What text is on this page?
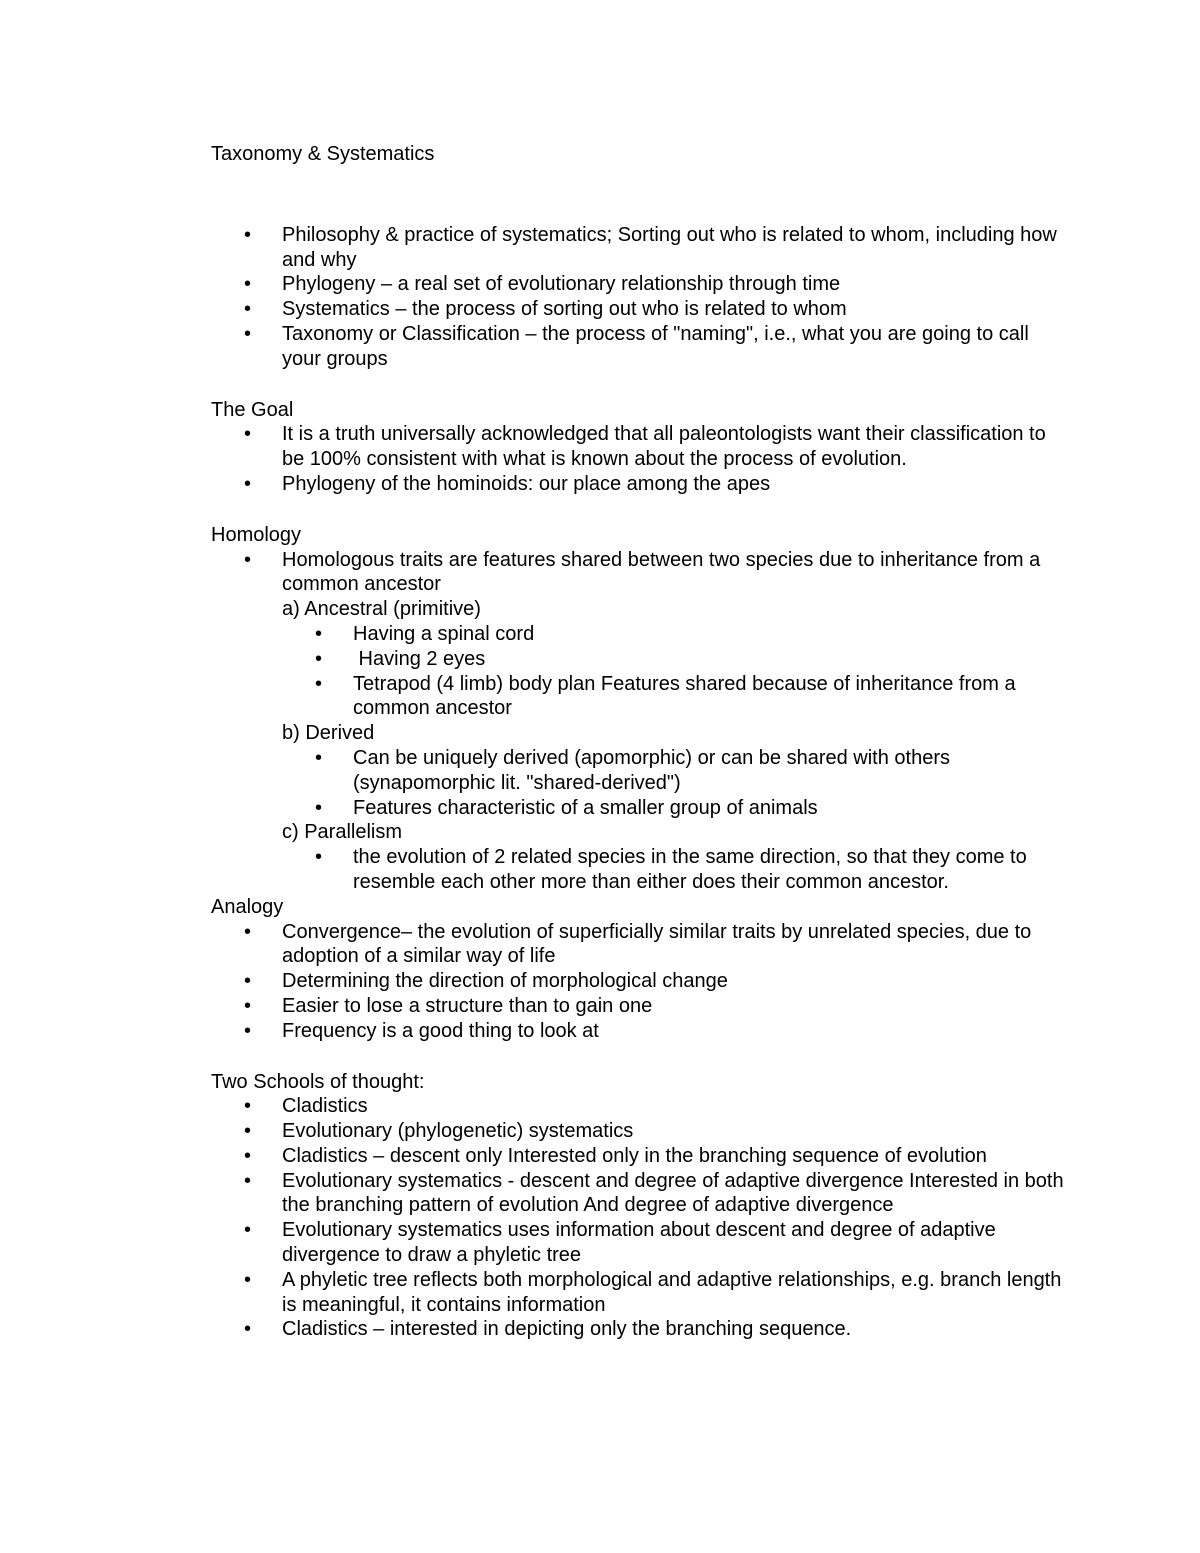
Taxonomy & Systematics

• Philosophy & practice of systematics; Sorting out who is related to whom, including how and why
• Phylogeny – a real set of evolutionary relationship through time
• Systematics – the process of sorting out who is related to whom
• Taxonomy or Classification – the process of "naming", i.e., what you are going to call your groups

The Goal

• It is a truth universally acknowledged that all paleontologists want their classification to be 100% consistent with what is known about the process of evolution.
• Phylogeny of the hominoids: our place among the apes

Homology

• Homologous traits are features shared between two species due to inheritance from a common ancestor

a) Ancestral (primitive)

• Having a spinal cord
•  Having 2 eyes
• Tetrapod (4 limb) body plan Features shared because of inheritance from a common ancestor

b) Derived

• Can be uniquely derived (apomorphic) or can be shared with others (synapomorphic lit. "shared-derived")
• Features characteristic of a smaller group of animals

c) Parallelism

• the evolution of 2 related species in the same direction, so that they come to resemble each other more than either does their common ancestor.

Analogy

• Convergence– the evolution of superficially similar traits by unrelated species, due to adoption of a similar way of life
• Determining the direction of morphological change
• Easier to lose a structure than to gain one
• Frequency is a good thing to look at

Two Schools of thought:

• Cladistics
• Evolutionary (phylogenetic) systematics
• Cladistics – descent only Interested only in the branching sequence of evolution
• Evolutionary systematics - descent and degree of adaptive divergence Interested in both the branching pattern of evolution And degree of adaptive divergence
• Evolutionary systematics uses information about descent and degree of adaptive divergence to draw a phyletic tree
• A phyletic tree reflects both morphological and adaptive relationships, e.g. branch length is meaningful, it contains information
• Cladistics – interested in depicting only the branching sequence.
